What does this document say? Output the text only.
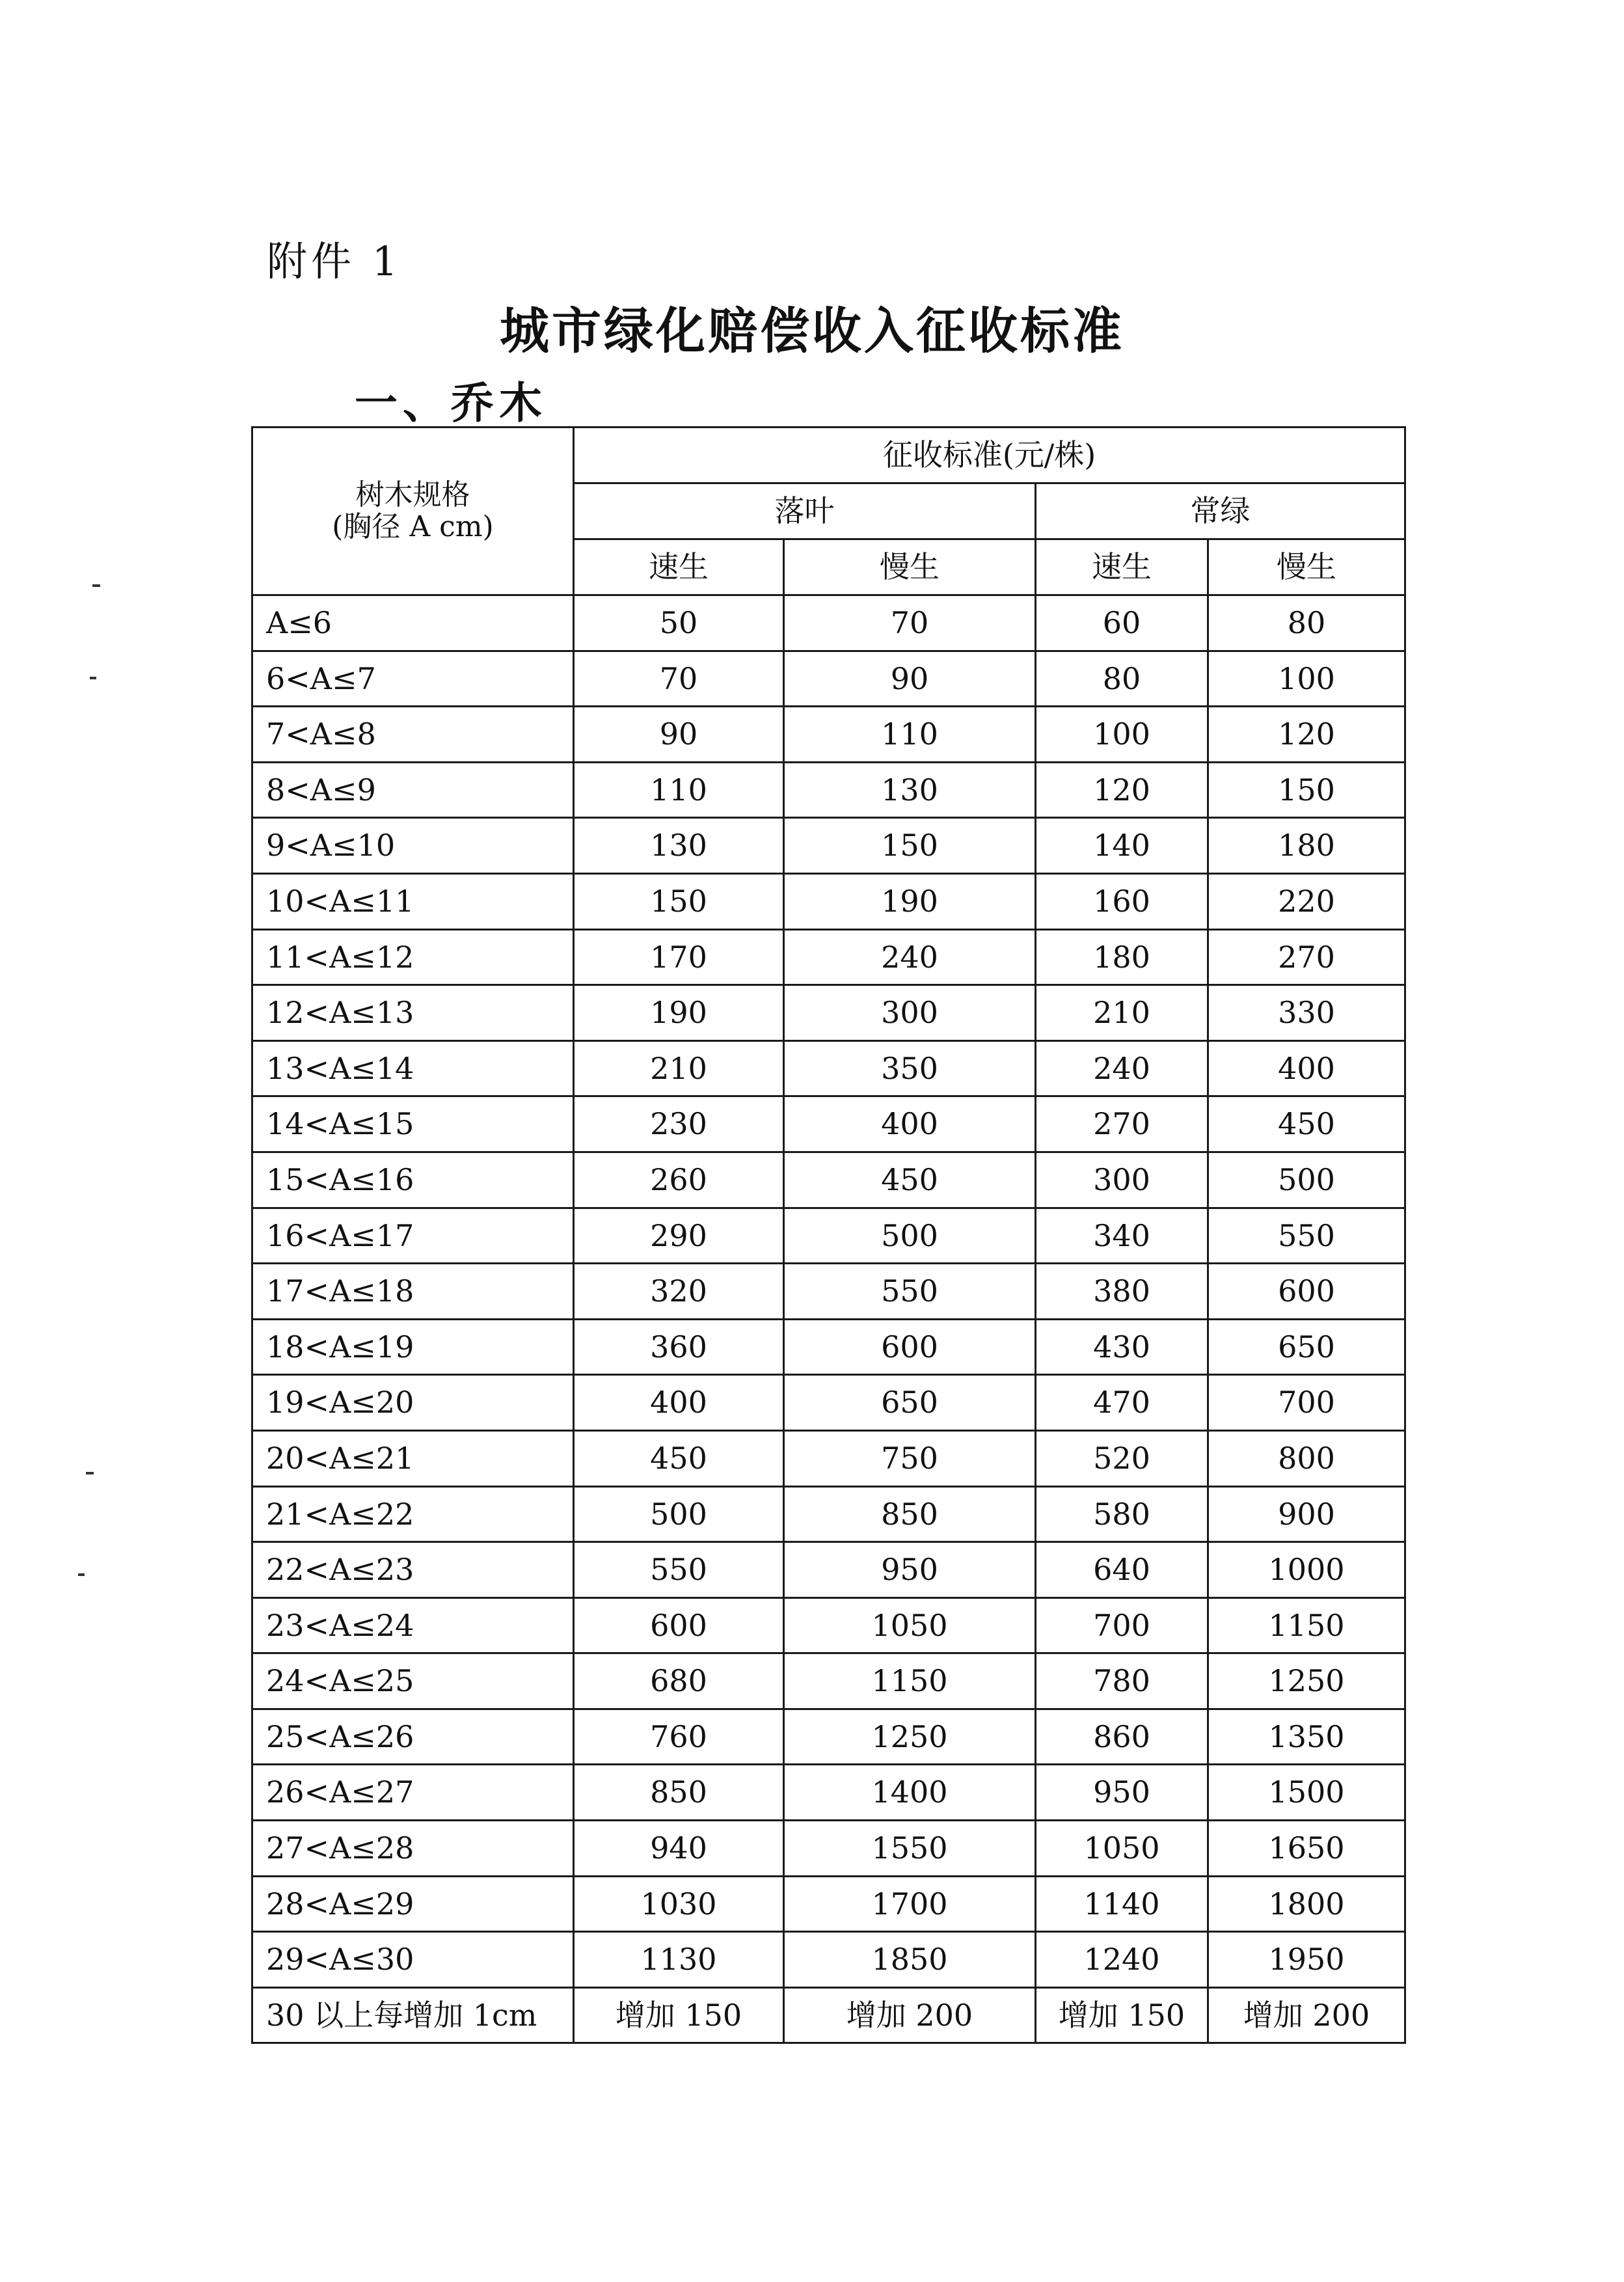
附件 1
城市绿化赔偿收入征收标准
一、乔木
树木规格
(胸径 A cm)	征收标准(元/株)			
	落叶		常绿	
	速生	慢生	速生	慢生
A≤6	50	70	60	80
6<A≤7	70	90	80	100
7<A≤8	90	110	100	120
8<A≤9	110	130	120	150
9<A≤10	130	150	140	180
10<A≤11	150	190	160	220
11<A≤12	170	240	180	270
12<A≤13	190	300	210	330
13<A≤14	210	350	240	400
14<A≤15	230	400	270	450
15<A≤16	260	450	300	500
16<A≤17	290	500	340	550
17<A≤18	320	550	380	600
18<A≤19	360	600	430	650
19<A≤20	400	650	470	700
20<A≤21	450	750	520	800
21<A≤22	500	850	580	900
22<A≤23	550	950	640	1000
23<A≤24	600	1050	700	1150
24<A≤25	680	1150	780	1250
25<A≤26	760	1250	860	1350
26<A≤27	850	1400	950	1500
27<A≤28	940	1550	1050	1650
28<A≤29	1030	1700	1140	1800
29<A≤30	1130	1850	1240	1950
30 以上每增加 1cm	增加 150	增加 200	增加 150	增加 200
